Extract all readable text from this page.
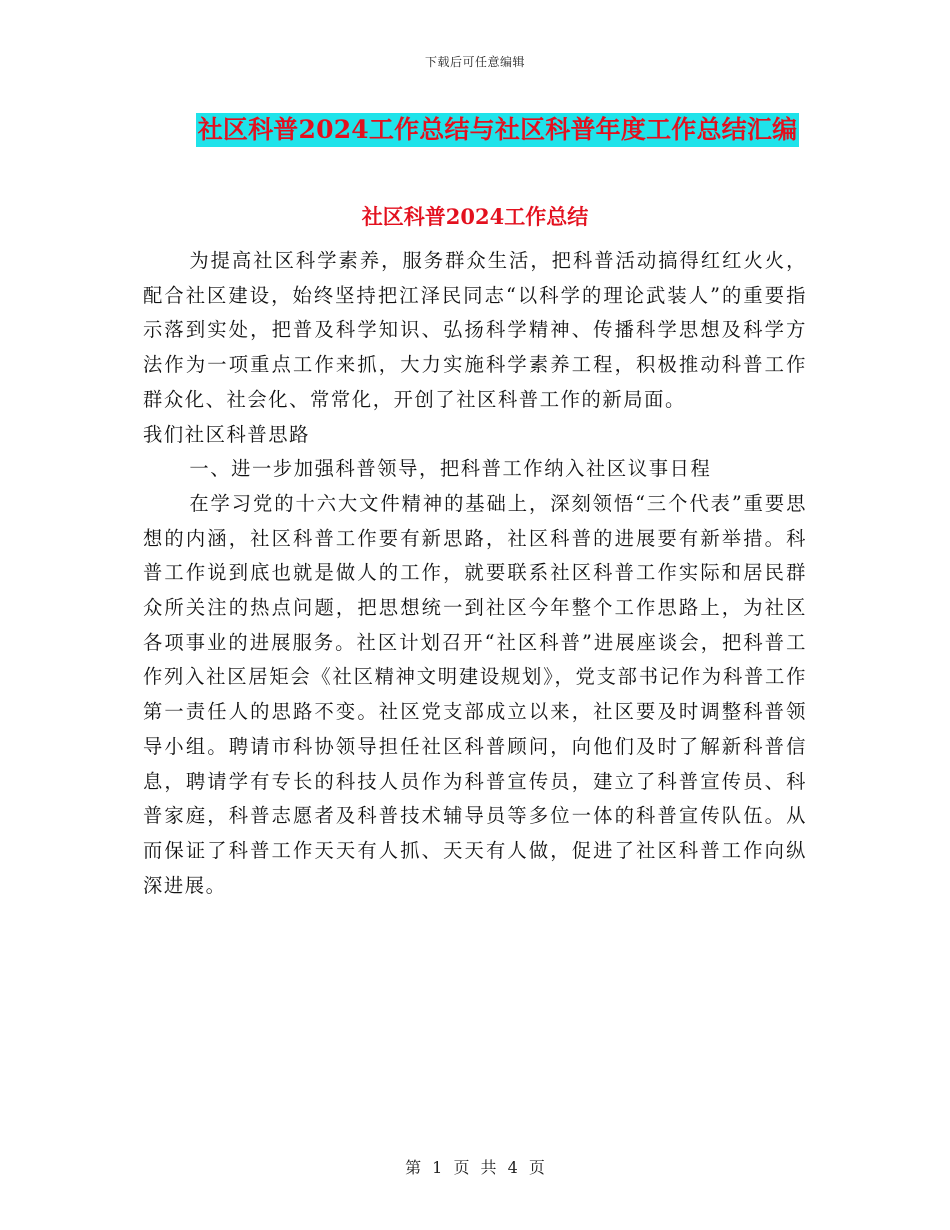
下载后可任意编辑
社区科普2024工作总结与社区科普年度工作总结汇编
社区科普2024工作总结

为提高社区科学素养，服务群众生活，把科普活动搞得红红火火，配合社区建设，始终坚持把江泽民同志“以科学的理论武装人”的重要指示落到实处，把普及科学知识、弘扬科学精神、传播科学思想及科学方法作为一项重点工作来抓，大力实施科学素养工程，积极推动科普工作群众化、社会化、常常化，开创了社区科普工作的新局面。

我们社区科普思路

一、进一步加强科普领导，把科普工作纳入社区议事日程

在学习党的十六大文件精神的基础上，深刻领悟“三个代表”重要思想的内涵，社区科普工作要有新思路，社区科普的进展要有新举措。科普工作说到底也就是做人的工作，就要联系社区科普工作实际和居民群众所关注的热点问题，把思想统一到社区今年整个工作思路上，为社区各项事业的进展服务。社区计划召开“社区科普”进展座谈会，把科普工作列入社区居矩会《社区精神文明建设规划》，党支部书记作为科普工作第一责任人的思路不变。社区党支部成立以来，社区要及时调整科普领导小组。聘请市科协领导担任社区科普顾问，向他们及时了解新科普信息，聘请学有专长的科技人员作为科普宣传员，建立了科普宣传员、科普家庭，科普志愿者及科普技术辅导员等多位一体的科普宣传队伍。从而保证了科普工作天天有人抓、天天有人做，促进了社区科普工作向纵深进展。

第 1 页 共 4 页
